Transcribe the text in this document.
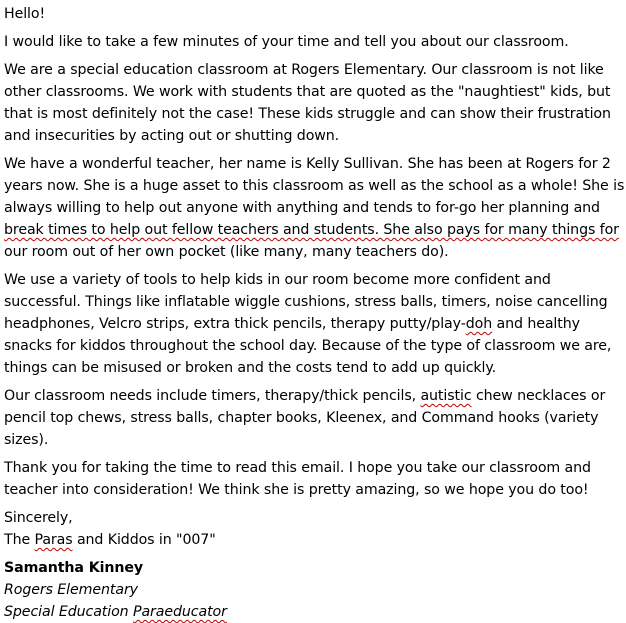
Hello!
I would like to take a few minutes of your time and tell you about our classroom.
We are a special education classroom at Rogers Elementary. Our classroom is not like
other classrooms. We work with students that are quoted as the "naughtiest" kids, but
that is most definitely not the case! These kids struggle and can show their frustration
and insecurities by acting out or shutting down.
We have a wonderful teacher, her name is Kelly Sullivan. She has been at Rogers for 2
years now. She is a huge asset to this classroom as well as the school as a whole! She is
always willing to help out anyone with anything and tends to for-go her planning and
break times to help out fellow teachers and students. She also pays for many things for
our room out of her own pocket (like many, many teachers do).
We use a variety of tools to help kids in our room become more confident and
successful. Things like inflatable wiggle cushions, stress balls, timers, noise cancelling
headphones, Velcro strips, extra thick pencils, therapy putty/play-doh and healthy
snacks for kiddos throughout the school day. Because of the type of classroom we are,
things can be misused or broken and the costs tend to add up quickly.
Our classroom needs include timers, therapy/thick pencils, autistic chew necklaces or
pencil top chews, stress balls, chapter books, Kleenex, and Command hooks (variety
sizes).
Thank you for taking the time to read this email. I hope you take our classroom and
teacher into consideration! We think she is pretty amazing, so we hope you do too!
Sincerely,
The Paras and Kiddos in "007"
Samantha Kinney
Rogers Elementary
Special Education Paraeducator
